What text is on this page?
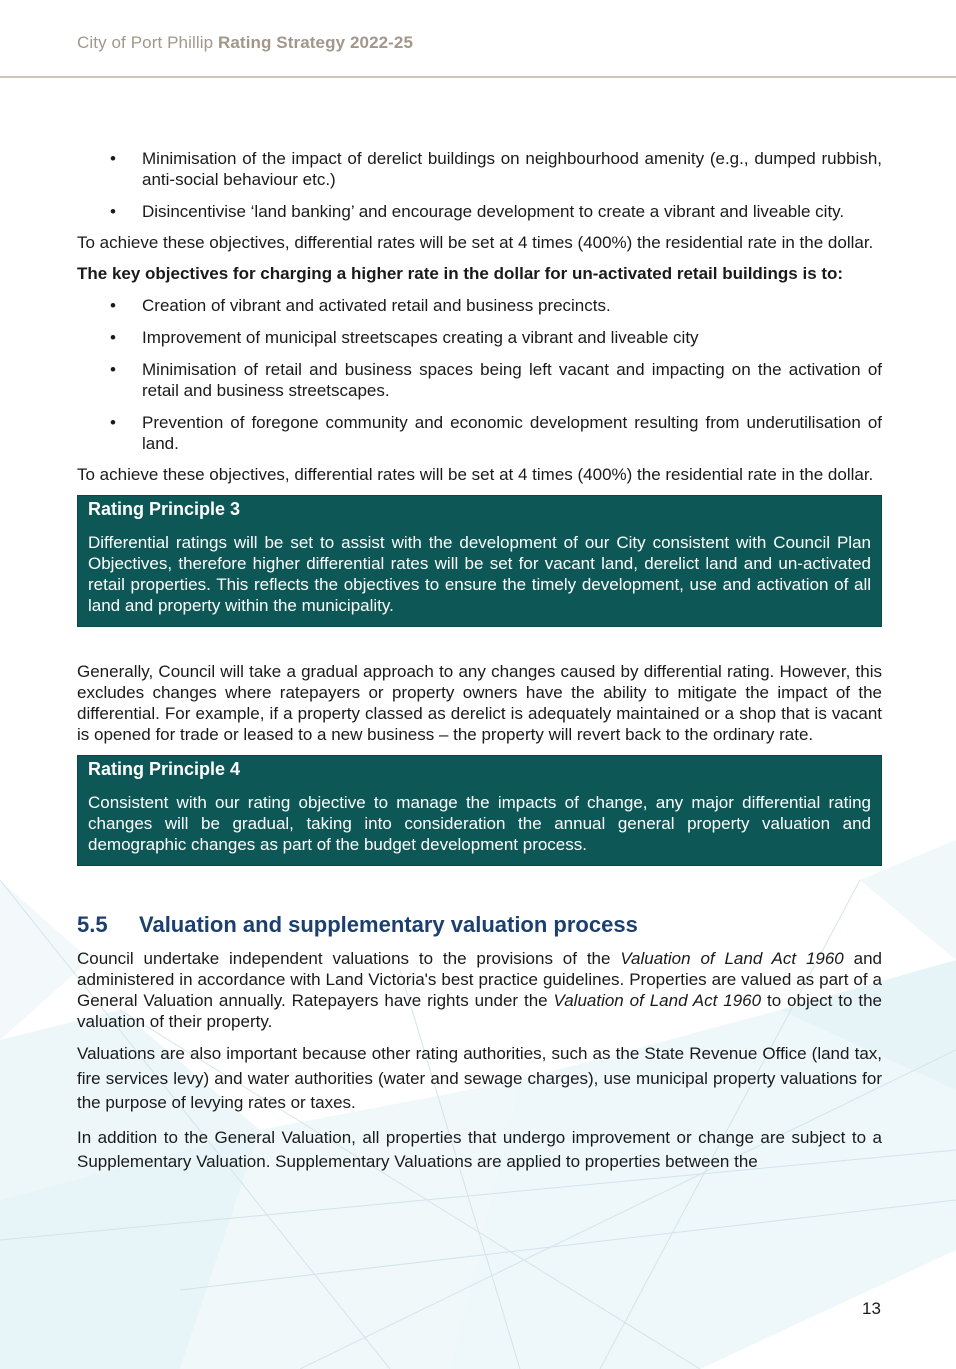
City of Port Phillip Rating Strategy 2022-25
• Minimisation of the impact of derelict buildings on neighbourhood amenity (e.g., dumped rubbish, anti-social behaviour etc.)
• Disincentivise ‘land banking’ and encourage development to create a vibrant and liveable city.

To achieve these objectives, differential rates will be set at 4 times (400%) the residential rate in the dollar.

The key objectives for charging a higher rate in the dollar for un-activated retail buildings is to:

• Creation of vibrant and activated retail and business precincts.
• Improvement of municipal streetscapes creating a vibrant and liveable city
• Minimisation of retail and business spaces being left vacant and impacting on the activation of retail and business streetscapes.
• Prevention of foregone community and economic development resulting from underutilisation of land.

To achieve these objectives, differential rates will be set at 4 times (400%) the residential rate in the dollar.

Rating Principle 3
Differential ratings will be set to assist with the development of our City consistent with Council Plan Objectives, therefore higher differential rates will be set for vacant land, derelict land and un-activated retail properties. This reflects the objectives to ensure the timely development, use and activation of all land and property within the municipality.

Generally, Council will take a gradual approach to any changes caused by differential rating. However, this excludes changes where ratepayers or property owners have the ability to mitigate the impact of the differential. For example, if a property classed as derelict is adequately maintained or a shop that is vacant is opened for trade or leased to a new business – the property will revert back to the ordinary rate.

Rating Principle 4
Consistent with our rating objective to manage the impacts of change, any major differential rating changes will be gradual, taking into consideration the annual general property valuation and demographic changes as part of the budget development process.
5.5 Valuation and supplementary valuation process

Council undertake independent valuations to the provisions of the Valuation of Land Act 1960 and administered in accordance with Land Victoria's best practice guidelines. Properties are valued as part of a General Valuation annually. Ratepayers have rights under the Valuation of Land Act 1960 to object to the valuation of their property.

Valuations are also important because other rating authorities, such as the State Revenue Office (land tax, fire services levy) and water authorities (water and sewage charges), use municipal property valuations for the purpose of levying rates or taxes.

In addition to the General Valuation, all properties that undergo improvement or change are subject to a Supplementary Valuation. Supplementary Valuations are applied to properties between the

13
